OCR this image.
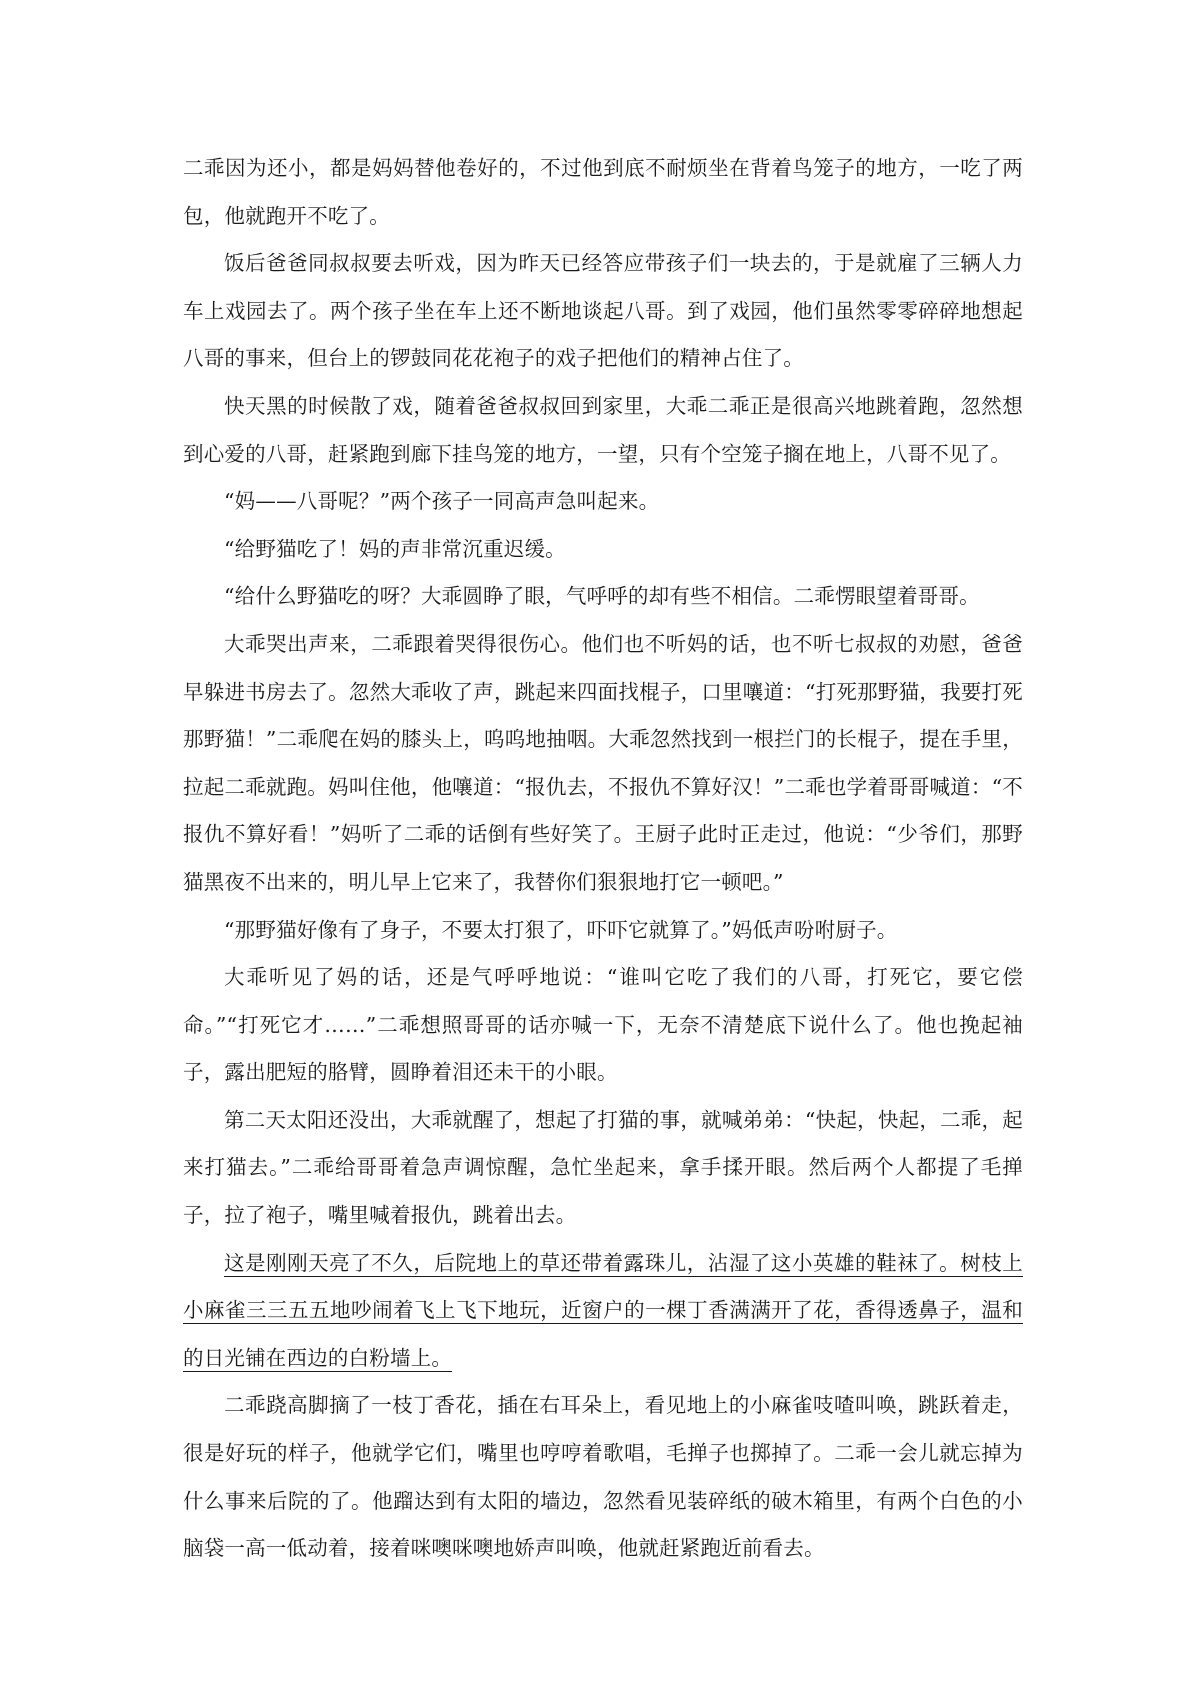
二乖因为还小，都是妈妈替他卷好的，不过他到底不耐烦坐在背着鸟笼子的地方，一吃了两包，他就跑开不吃了。

饭后爸爸同叔叔要去听戏，因为昨天已经答应带孩子们一块去的，于是就雇了三辆人力车上戏园去了。两个孩子坐在车上还不断地谈起八哥。到了戏园，他们虽然零零碎碎地想起八哥的事来，但台上的锣鼓同花花袍子的戏子把他们的精神占住了。

快天黑的时候散了戏，随着爸爸叔叔回到家里，大乖二乖正是很高兴地跳着跑，忽然想到心爱的八哥，赶紧跑到廊下挂鸟笼的地方，一望，只有个空笼子搁在地上，八哥不见了。

“妈——八哥呢？”两个孩子一同高声急叫起来。

“给野猫吃了！妈的声非常沉重迟缓。

“给什么野猫吃的呀？大乖圆睁了眼，气呼呼的却有些不相信。二乖愣眼望着哥哥。

大乖哭出声来，二乖跟着哭得很伤心。他们也不听妈的话，也不听七叔叔的劝慰，爸爸早躲进书房去了。忽然大乖收了声，跳起来四面找棍子，口里嚷道：“打死那野猫，我要打死那野猫！”二乖爬在妈的膝头上，呜呜地抽咽。大乖忽然找到一根拦门的长棍子，提在手里，拉起二乖就跑。妈叫住他，他嚷道：“报仇去，不报仇不算好汉！”二乖也学着哥哥喊道：“不报仇不算好看！”妈听了二乖的话倒有些好笑了。王厨子此时正走过，他说：“少爷们，那野猫黑夜不出来的，明儿早上它来了，我替你们狠狠地打它一顿吧。”

“那野猫好像有了身子，不要太打狠了，吓吓它就算了。”妈低声吩咐厨子。

大乖听见了妈的话，还是气呼呼地说：“谁叫它吃了我们的八哥，打死它，要它偿命。”“打死它才……”二乖想照哥哥的话亦喊一下，无奈不清楚底下说什么了。他也挽起袖子，露出肥短的胳臂，圆睁着泪还未干的小眼。

第二天太阳还没出，大乖就醒了，想起了打猫的事，就喊弟弟：“快起，快起，二乖，起来打猫去。”二乖给哥哥着急声调惊醒，急忙坐起来，拿手揉开眼。然后两个人都提了毛掸子，拉了袍子，嘴里喊着报仇，跳着出去。

这是刚刚天亮了不久，后院地上的草还带着露珠儿，沾湿了这小英雄的鞋袜了。树枝上小麻雀三三五五地吵闹着飞上飞下地玩，近窗户的一棵丁香满满开了花，香得透鼻子，温和的日光铺在西边的白粉墙上。

二乖跷高脚摘了一枝丁香花，插在右耳朵上，看见地上的小麻雀吱喳叫唤，跳跃着走，很是好玩的样子，他就学它们，嘴里也哼哼着歌唱，毛掸子也掷掉了。二乖一会儿就忘掉为什么事来后院的了。他蹓达到有太阳的墙边，忽然看见装碎纸的破木箱里，有两个白色的小脑袋一高一低动着，接着咪噢咪噢地娇声叫唤，他就赶紧跑近前看去。
